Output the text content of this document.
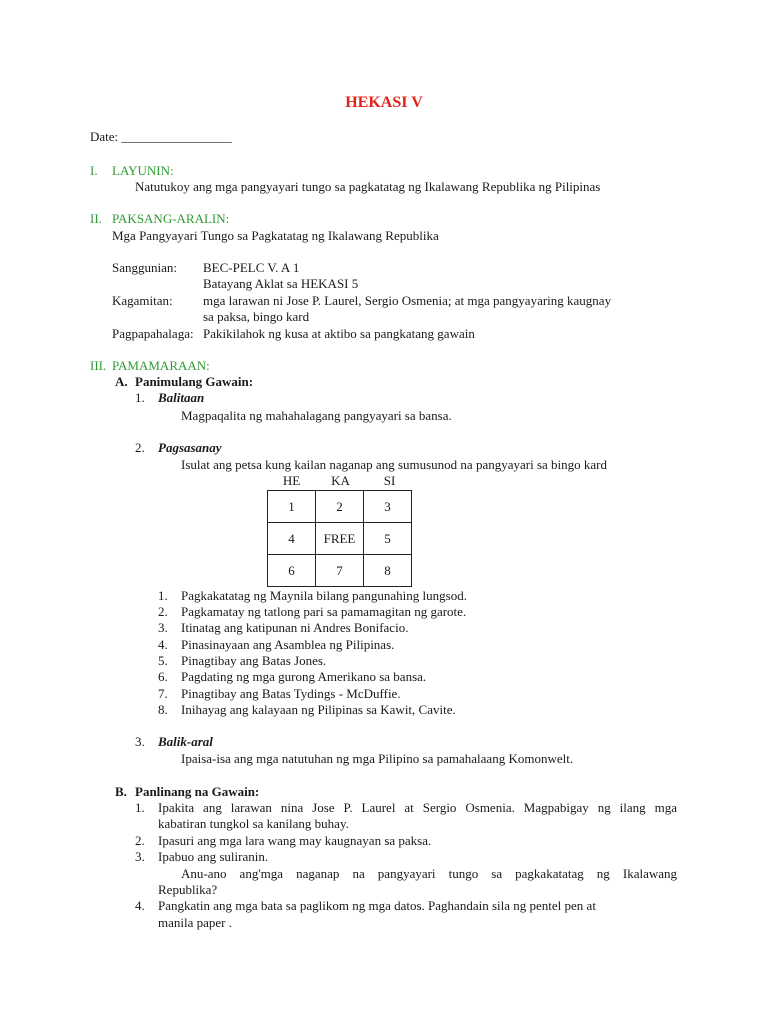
HEKASI V
Date: _________________
I. LAYUNIN:
Natutukoy ang mga pangyayari tungo sa pagkatatag ng Ikalawang Republika ng Pilipinas
II. PAKSANG-ARALIN:
Mga Pangyayari Tungo sa Pagkatatag ng Ikalawang Republika
Sanggunian: BEC-PELC V. A 1
Batayang Aklat sa HEKASI 5
Kagamitan: mga larawan ni Jose P. Laurel, Sergio Osmenia; at mga pangyayaring kaugnay
sa paksa, bingo kard
Pagpapahalaga: Pakikilahok ng kusa at aktibo sa pangkatang gawain
III. PAMAMARAAN:
A. Panimulang Gawain:
1. Balitaan
Magpaqalita ng mahahalagang pangyayari sa bansa.
2. Pagsasanay
Isulat ang petsa kung kailan naganap ang sumusunod na pangyayari sa bingo kard
HE	KA	SI
1	2	3
4	FREE	5
6	7	8
1. Pagkakatatag ng Maynila bilang pangunahing lungsod.
2. Pagkamatay ng tatlong pari sa pamamagitan ng garote.
3. Itinatag ang katipunan ni Andres Bonifacio.
4. Pinasinayaan ang Asamblea ng Pilipinas.
5. Pinagtibay ang Batas Jones.
6. Pagdating ng mga gurong Amerikano sa bansa.
7. Pinagtibay ang Batas Tydings - McDuffie.
8. Inihayag ang kalayaan ng Pilipinas sa Kawit, Cavite.
3. Balik-aral
Ipaisa-isa ang mga natutuhan ng mga Pilipino sa pamahalaang Komonwelt.
B. Panlinang na Gawain:
1. Ipakita ang larawan nina Jose P. Laurel at Sergio Osmenia. Magpabigay ng ilang mga
kabatiran tungkol sa kanilang buhay.
2. Ipasuri ang mga lara wang may kaugnayan sa paksa.
3. Ipabuo ang suliranin.
Anu-ano ang'mga naganap na pangyayari tungo sa pagkakatatag ng Ikalawang
Republika?
4. Pangkatin ang mga bata sa paglikom ng mga datos. Paghandain sila ng pentel pen at
manila paper .
